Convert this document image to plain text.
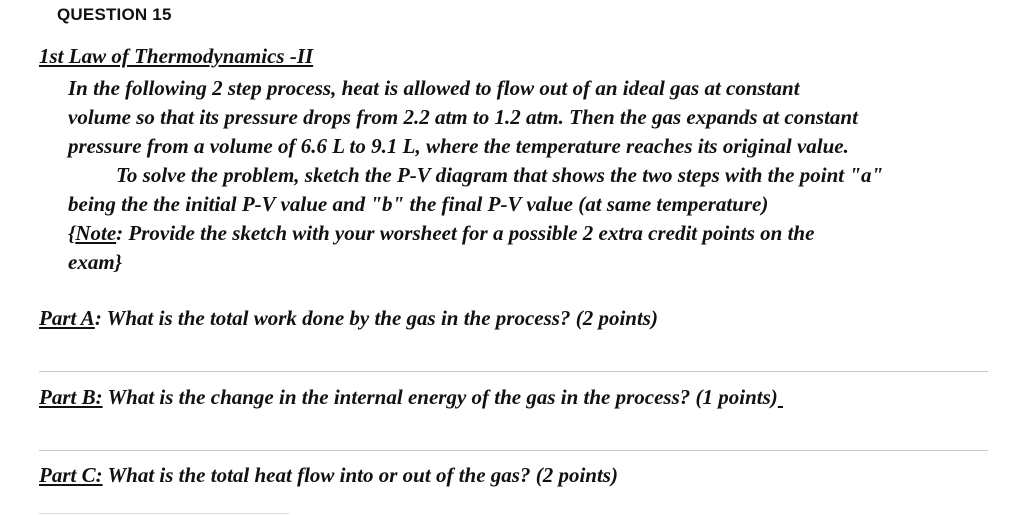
QUESTION 15
1st Law of Thermodynamics -II
In the following 2 step process, heat is allowed to flow out of an ideal gas at constant
volume so that its pressure drops from 2.2 atm to 1.2 atm. Then the gas expands at constant
pressure from a volume of 6.6 L to 9.1 L, where the temperature reaches its original value.
To solve the problem, sketch the P-V diagram that shows the two steps with the point "a"
being the the initial P-V value and "b" the final P-V value (at same temperature)
{Note: Provide the sketch with your worsheet for a possible 2 extra credit points on the
exam}
Part A: What is the total work done by the gas in the process? (2 points)
Part B: What is the change in the internal energy of the gas in the process? (1 points)
Part C: What is the total heat flow into or out of the gas? (2 points)
